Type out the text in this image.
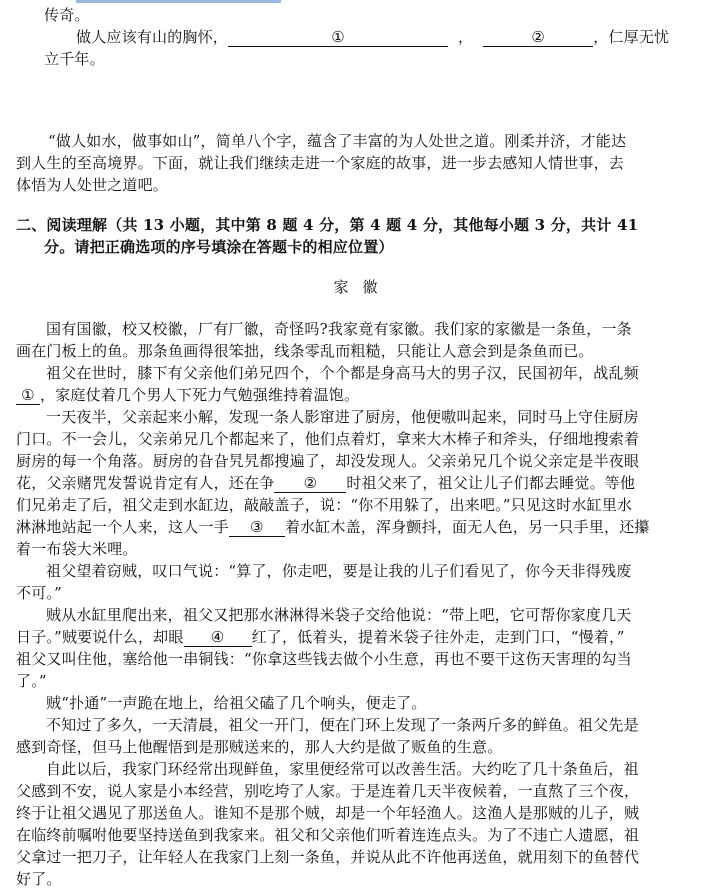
传奇。
做人应该有山的胸怀，	①	，	②	，仁厚无忧
立千年。
“做人如水，做事如山”，简单八个字，蕴含了丰富的为人处世之道。刚柔并济，才能达
到人生的至高境界。下面，就让我们继续走进一个家庭的故事，进一步去感知人情世事，去
体悟为人处世之道吧。
二、阅读理解（共 13 小题，其中第 8 题 4 分，第 4 题 4 分，其他每小题 3 分，共计 41
分。请把正确选项的序号填涂在答题卡的相应位置）
家徽
国有国徽，校又校徽，厂有厂徽，奇怪吗?我家竟有家徽。我们家的家徽是一条鱼，一条
画在门板上的鱼。那条鱼画得很笨拙，线条零乱而粗糙，只能让人意会到是条鱼而已。
祖父在世时，膝下有父亲他们弟兄四个，个个都是身高马大的男子汉，民国初年，战乱频
① ，家庭仗着几个男人下死力气勉强维持着温饱。
一天夜半，父亲起来小解，发现一条人影窜进了厨房，他便嗷叫起来，同时马上守住厨房
门口。不一会儿，父亲弟兄几个都起来了，他们点着灯，拿来大木棒子和斧头，仔细地搜索着
厨房的每一个角落。厨房的旮旮旯旯都搜遍了，却没发现人。父亲弟兄几个说父亲定是半夜眼
花，父亲赌咒发誓说肯定有人，还在争 ② 时祖父来了，祖父让儿子们都去睡觉。等他
们兄弟走了后，祖父走到水缸边，敲敲盖子，说：“你不用躲了，出来吧。”只见这时水缸里水
淋淋地站起一个人来，这人一手 ③ 着水缸木盖，浑身颤抖，面无人色，另一只手里，还攥
着一布袋大米哩。
祖父望着窃贼，叹口气说：“算了，你走吧，要是让我的儿子们看见了，你今天非得残废
不可。”
贼从水缸里爬出来，祖父又把那水淋淋得米袋子交给他说：“带上吧，它可帮你家度几天
日子。”贼要说什么，却眼 ④ 红了，低着头，提着米袋子往外走，走到门口，“慢着，”
祖父又叫住他，塞给他一串铜钱：“你拿这些钱去做个小生意，再也不要干这伤天害理的勾当
了。”
贼“扑通”一声跪在地上，给祖父磕了几个响头，便走了。
不知过了多久，一天清晨，祖父一开门，便在门环上发现了一条两斤多的鲜鱼。祖父先是
感到奇怪，但马上他醒悟到是那贼送来的，那人大约是做了贩鱼的生意。
自此以后，我家门环经常出现鲜鱼，家里便经常可以改善生活。大约吃了几十条鱼后，祖
父感到不安，说人家是小本经营，别吃垮了人家。于是连着几天半夜候着，一直熬了三个夜，
终于让祖父遇见了那送鱼人。谁知不是那个贼，却是一个年轻渔人。这渔人是那贼的儿子，贼
在临终前嘱咐他要坚持送鱼到我家来。祖父和父亲他们听着连连点头。为了不违亡人遗愿，祖
父拿过一把刀子，让年轻人在我家门上刻一条鱼，并说从此不许他再送鱼，就用刻下的鱼替代
好了。
